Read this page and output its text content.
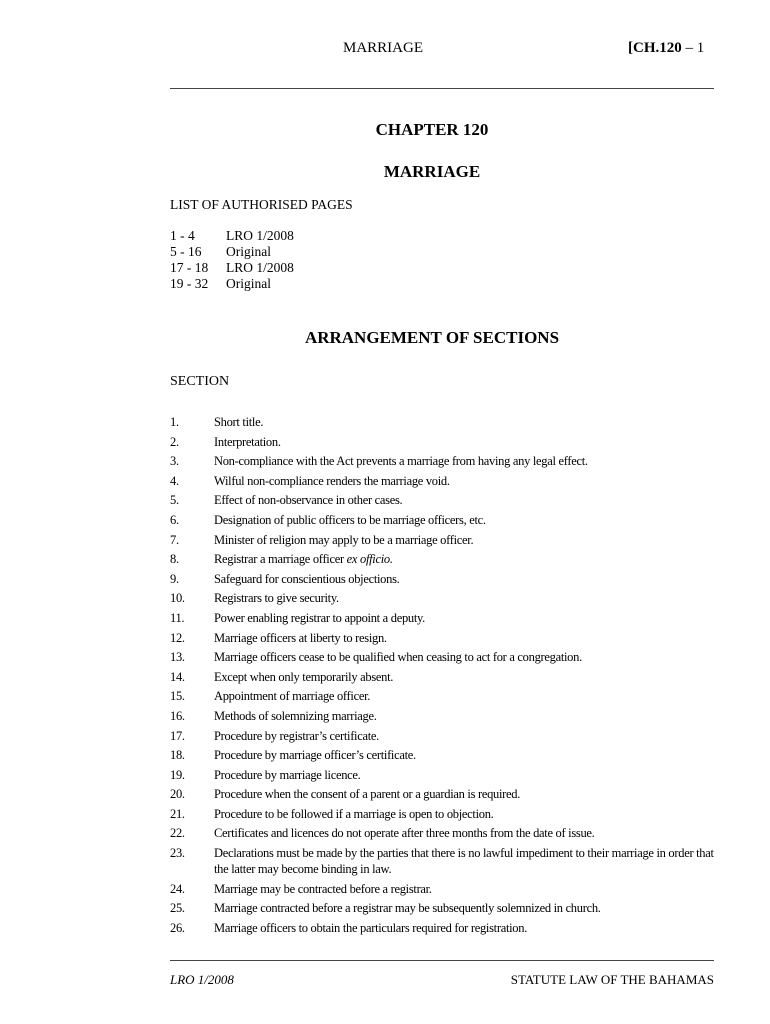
MARRIAGE	[CH.120 – 1
CHAPTER 120
MARRIAGE
LIST OF AUTHORISED PAGES
1 - 4	LRO 1/2008
5 - 16	Original
17 - 18	LRO 1/2008
19 - 32	Original
ARRANGEMENT OF SECTIONS
SECTION
1.	Short title.
2.	Interpretation.
3.	Non-compliance with the Act prevents a marriage from having any legal effect.
4.	Wilful non-compliance renders the marriage void.
5.	Effect of non-observance in other cases.
6.	Designation of public officers to be marriage officers, etc.
7.	Minister of religion may apply to be a marriage officer.
8.	Registrar a marriage officer ex officio.
9.	Safeguard for conscientious objections.
10.	Registrars to give security.
11.	Power enabling registrar to appoint a deputy.
12.	Marriage officers at liberty to resign.
13.	Marriage officers cease to be qualified when ceasing to act for a congregation.
14.	Except when only temporarily absent.
15.	Appointment of marriage officer.
16.	Methods of solemnizing marriage.
17.	Procedure by registrar’s certificate.
18.	Procedure by marriage officer’s certificate.
19.	Procedure by marriage licence.
20.	Procedure when the consent of a parent or a guardian is required.
21.	Procedure to be followed if a marriage is open to objection.
22.	Certificates and licences do not operate after three months from the date of issue.
23.	Declarations must be made by the parties that there is no lawful impediment to their marriage in order that the latter may become binding in law.
24.	Marriage may be contracted before a registrar.
25.	Marriage contracted before a registrar may be subsequently solemnized in church.
26.	Marriage officers to obtain the particulars required for registration.
LRO 1/2008	STATUTE LAW OF THE BAHAMAS
